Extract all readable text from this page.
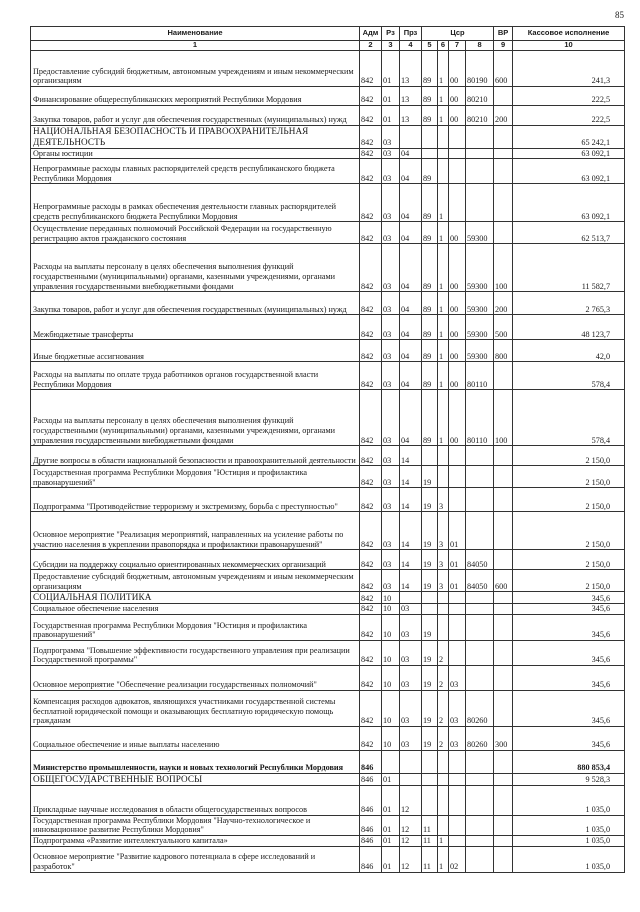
85
Наименование	Адм	Рз	Прз	Цср				ВР	Кассовое исполнение
1	2	3	4	5	6	7	8	9	10
Предоставление субсидий бюджетным, автономным учреждениям и иным некоммерческим организациям	842	01	13	89	1	00	80190	600	241,3
Финансирование общереспубликанских мероприятий Республики Мордовия	842	01	13	89	1	00	80210		222,5
Закупка товаров, работ и услуг для обеспечения государственных (муниципальных) нужд	842	01	13	89	1	00	80210	200	222,5
НАЦИОНАЛЬНАЯ БЕЗОПАСНОСТЬ И ПРАВООХРАНИТЕЛЬНАЯ ДЕЯТЕЛЬНОСТЬ	842	03							65 242,1
Органы юстиции	842	03	04						63 092,1
Непрограммные расходы главных распорядителей средств республиканского бюджета Республики Мордовия	842	03	04	89					63 092,1
Непрограммные расходы в рамках обеспечения деятельности главных распорядителей средств республиканского бюджета Республики Мордовия	842	03	04	89	1				63 092,1
Осуществление переданных полномочий Российской Федерации на государственную регистрацию актов гражданского состояния	842	03	04	89	1	00	59300		62 513,7
Расходы на выплаты персоналу в целях обеспечения выполнения функций государственными (муниципальными) органами, казенными учреждениями, органами управления государственными внебюджетными фондами	842	03	04	89	1	00	59300	100	11 582,7
Закупка товаров, работ и услуг для обеспечения государственных (муниципальных) нужд	842	03	04	89	1	00	59300	200	2 765,3
Межбюджетные трансферты	842	03	04	89	1	00	59300	500	48 123,7
Иные бюджетные ассигнования	842	03	04	89	1	00	59300	800	42,0
Расходы на выплаты по оплате труда работников органов государственной власти Республики Мордовия	842	03	04	89	1	00	80110		578,4
Расходы на выплаты персоналу в целях обеспечения выполнения функций государственными (муниципальными) органами, казенными учреждениями, органами управления государственными внебюджетными фондами	842	03	04	89	1	00	80110	100	578,4
Другие вопросы в области национальной безопасности и правоохранительной деятельности	842	03	14						2 150,0
Государственная программа Республики Мордовия "Юстиция и профилактика правонарушений"	842	03	14	19					2 150,0
Подпрограмма "Противодействие терроризму и экстремизму, борьба с преступностью"	842	03	14	19	3				2 150,0
Основное мероприятие "Реализация мероприятий, направленных на усиление работы по участию населения в укреплении правопорядка и профилактики правонарушений"	842	03	14	19	3	01			2 150,0
Субсидии на поддержку социально ориентированных некоммерческих организаций	842	03	14	19	3	01	84050		2 150,0
Предоставление субсидий бюджетным, автономным учреждениям и иным некоммерческим организациям	842	03	14	19	3	01	84050	600	2 150,0
СОЦИАЛЬНАЯ ПОЛИТИКА	842	10							345,6
Социальное обеспечение населения	842	10	03						345,6
Государственная программа Республики Мордовия "Юстиция и профилактика правонарушений"	842	10	03	19					345,6
Подпрограмма "Повышение эффективности государственного управления при реализации Государственной программы"	842	10	03	19	2				345,6
Основное мероприятие "Обеспечение реализации государственных полномочий"	842	10	03	19	2	03			345,6
Компенсация расходов адвокатов, являющихся участниками государственной системы бесплатной юридической помощи и оказывающих бесплатную юридическую помощь гражданам	842	10	03	19	2	03	80260		345,6
Социальное обеспечение и иные выплаты населению	842	10	03	19	2	03	80260	300	345,6
Министерство промышленности, науки и новых технологий Республики Мордовия	846								880 853,4
ОБЩЕГОСУДАРСТВЕННЫЕ ВОПРОСЫ	846	01							9 528,3
Прикладные научные исследования в области общегосударственных вопросов	846	01	12						1 035,0
Государственная программа Республики Мордовия "Научно-технологическое и инновационное развитие Республики Мордовия"	846	01	12	11					1 035,0
Подпрограмма «Развитие интеллектуального капитала»	846	01	12	11	1				1 035,0
Основное мероприятие "Развитие кадрового потенциала в сфере исследований и разработок"	846	01	12	11	1	02			1 035,0
